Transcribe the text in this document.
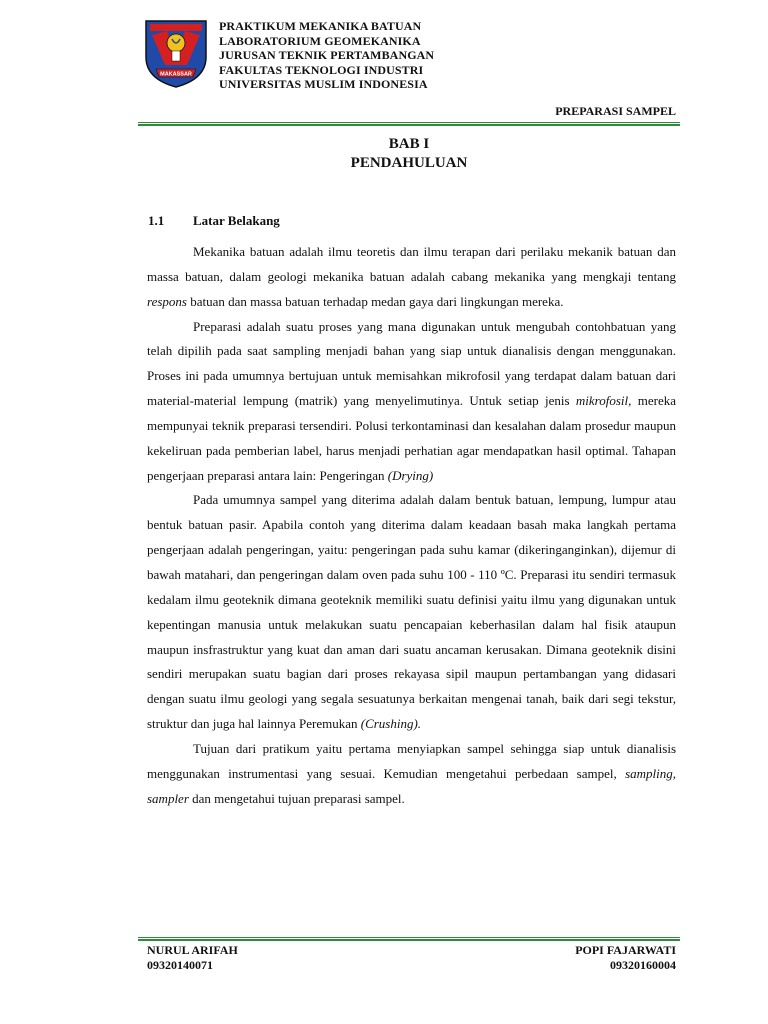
MAKASSAR
PRAKTIKUM MEKANIKA BATUAN
LABORATORIUM GEOMEKANIKA
JURUSAN TEKNIK PERTAMBANGAN
FAKULTAS TEKNOLOGI INDUSTRI
UNIVERSITAS MUSLIM INDONESIA
PREPARASI SAMPEL
BAB I
PENDAHULUAN
1.1 Latar Belakang

Mekanika batuan adalah ilmu teoretis dan ilmu terapan dari perilaku mekanik batuan dan massa batuan, dalam geologi mekanika batuan adalah cabang mekanika yang mengkaji tentang respons batuan dan massa batuan terhadap medan gaya dari lingkungan mereka.

Preparasi adalah suatu proses yang mana digunakan untuk mengubah contohbatuan yang telah dipilih pada saat sampling menjadi bahan yang siap untuk dianalisis dengan menggunakan. Proses ini pada umumnya bertujuan untuk memisahkan mikrofosil yang terdapat dalam batuan dari material-material lempung (matrik) yang menyelimutinya. Untuk setiap jenis mikrofosil, mereka mempunyai teknik preparasi tersendiri. Polusi terkontaminasi dan kesalahan dalam prosedur maupun kekeliruan pada pemberian label, harus menjadi perhatian agar mendapatkan hasil optimal. Tahapan pengerjaan preparasi antara lain: Pengeringan (Drying)

Pada umumnya sampel yang diterima adalah dalam bentuk batuan, lempung, lumpur atau bentuk batuan pasir. Apabila contoh yang diterima dalam keadaan basah maka langkah pertama pengerjaan adalah pengeringan, yaitu: pengeringan pada suhu kamar (dikeringanginkan), dijemur di bawah matahari, dan pengeringan dalam oven pada suhu 100 - 110 ºC. Preparasi itu sendiri termasuk kedalam ilmu geoteknik dimana geoteknik memiliki suatu definisi yaitu ilmu yang digunakan untuk kepentingan manusia untuk melakukan suatu pencapaian keberhasilan dalam hal fisik ataupun maupun insfrastruktur yang kuat dan aman dari suatu ancaman kerusakan. Dimana geoteknik disini sendiri merupakan suatu bagian dari proses rekayasa sipil maupun pertambangan yang didasari dengan suatu ilmu geologi yang segala sesuatunya berkaitan mengenai tanah, baik dari segi tekstur, struktur dan juga hal lainnya Peremukan (Crushing).

Tujuan dari pratikum yaitu pertama menyiapkan sampel sehingga siap untuk dianalisis menggunakan instrumentasi yang sesuai. Kemudian mengetahui perbedaan sampel, sampling, sampler dan mengetahui tujuan preparasi sampel.

NURUL ARIFAH
09320140071
POPI FAJARWATI
09320160004
